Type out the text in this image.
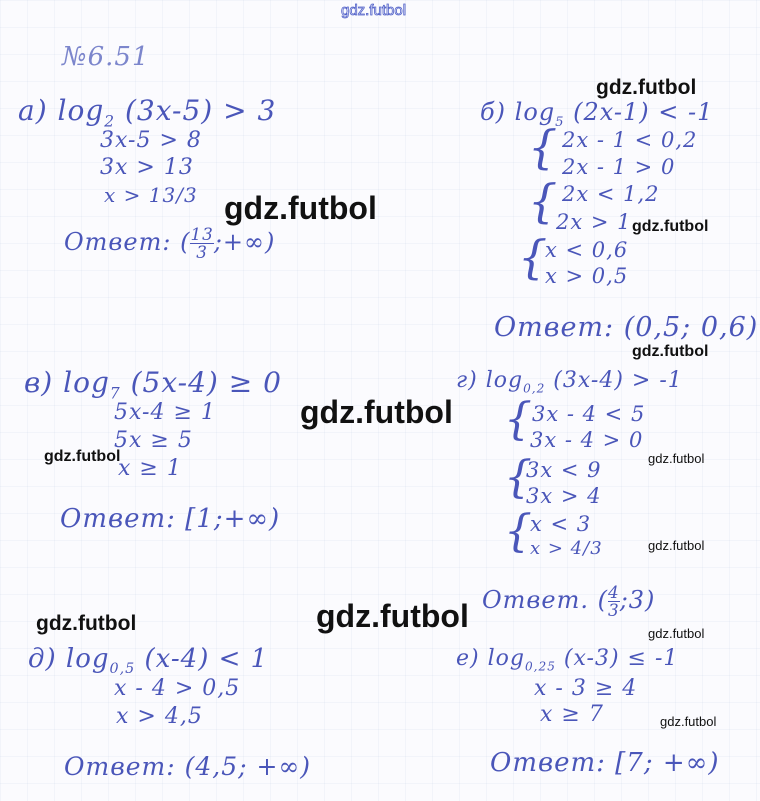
gdz.futbol
№6.51
а) $\log_2 (3x-5) > 3$
3x-5 > 8
3x > 13
x > 13/3
Ответ: ( $\frac{13}{3}$ ;+∞)
б) $\log_5 (2x-1) < -1$
{ 2x - 1 < 0,2
2x - 1 > 0
{ 2x < 1,2
2x > 1
{
x < 0,6
x > 0,5
Ответ: (0,5; 0,6)
в) $\log_7 (5x-4) \ge 0$
5x-4 ≥ 1
5x ≥ 5
x ≥ 1
Ответ: [1;+∞)
г) $\log_{0,2} (3x-4) > -1$
{ 3x - 4 < 5
3x - 4 > 0
{
3x < 9
3x > 4
{
x < 3
x > 4/3
Ответ. ( $\frac{4}{3}$ ;3)
д) $\log_{0,5} (x-4) < 1$
x - 4 > 0,5
x > 4,5
Ответ: (4,5; +∞)
е) $\log_{0,25} (x-3) \le -1$
x - 3 ≥ 4
x ≥ 7
Ответ: [7; +∞)
gdz.futbol
gdz.futbol
gdz.futbol
gdz.futbol
gdz.futbol
gdz.futbol
gdz.futbol
gdz.futbol	gdz.futbol
gdz.futbol
gdz.futbol
gdz.futbol
